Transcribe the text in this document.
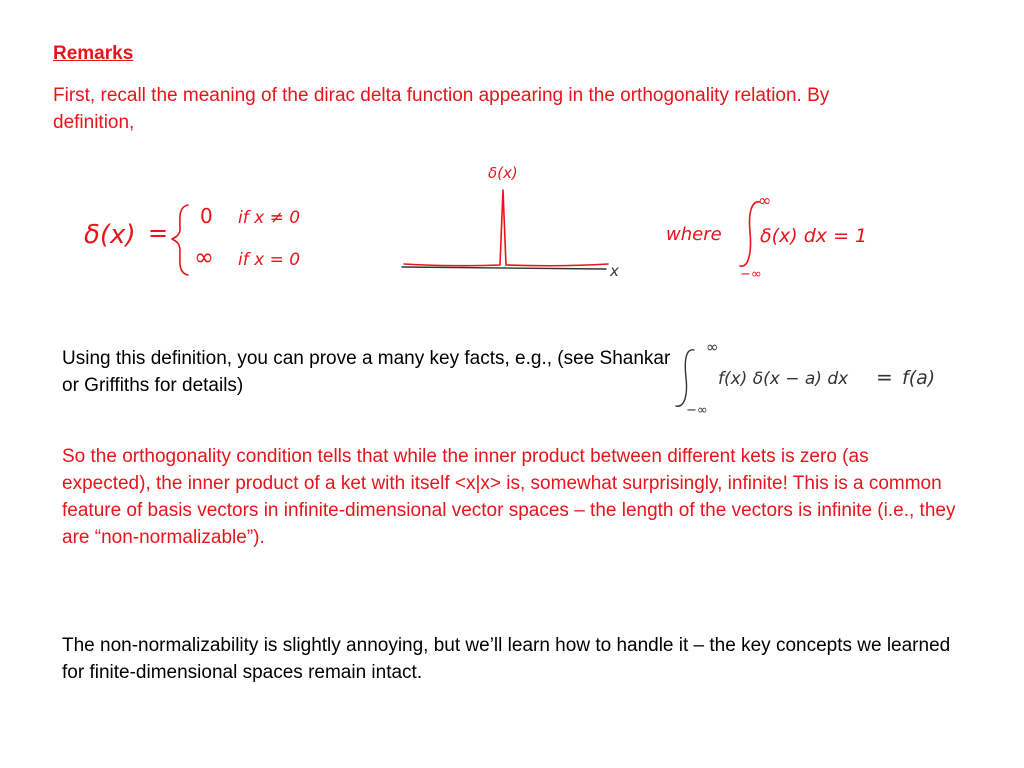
Remarks

First, recall the meaning of the dirac delta function appearing in the orthogonality relation. By definition,

δ(x) =
0 if x ≠ 0
∞ if x = 0
x
δ(x)
where
∞
−∞
δ(x) dx = 1

Using this definition, you can prove a many key facts, e.g., (see Shankar or Griffiths for details)

∞
−∞
f(x) δ(x − a) dx = f(a)

So the orthogonality condition tells that while the inner product between different kets is zero (as expected), the inner product of a ket with itself <x|x> is, somewhat surprisingly, infinite! This is a common feature of basis vectors in infinite-dimensional vector spaces – the length of the vectors is infinite (i.e., they are “non-normalizable”).

The non-normalizability is slightly annoying, but we’ll learn how to handle it – the key concepts we learned for finite-dimensional spaces remain intact.
